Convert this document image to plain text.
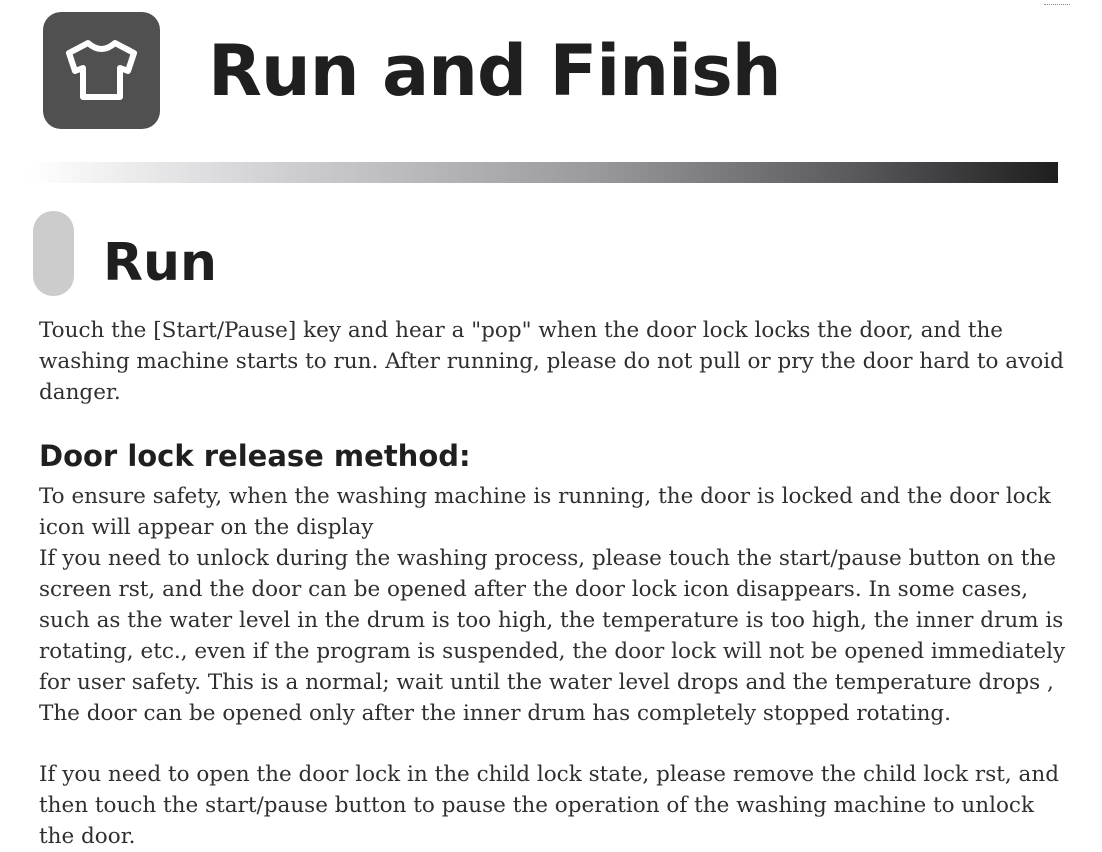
Run and Finish
Run

Touch the [Start/Pause] key and hear a "pop" when the door lock locks the door, and the washing machine starts to run. After running, please do not pull or pry the door hard to avoid danger.

Door lock release method:

To ensure safety, when the washing machine is running, the door is locked and the door lock icon will appear on the display

If you need to unlock during the washing process, please touch the start/pause button on the screen rst, and the door can be opened after the door lock icon disappears. In some cases, such as the water level in the drum is too high, the temperature is too high, the inner drum is rotating, etc., even if the program is suspended, the door lock will not be opened immediately for user safety. This is a normal; wait until the water level drops and the temperature drops , The door can be opened only after the inner drum has completely stopped rotating.

If you need to open the door lock in the child lock state, please remove the child lock rst, and then touch the start/pause button to pause the operation of the washing machine to unlock the door.
